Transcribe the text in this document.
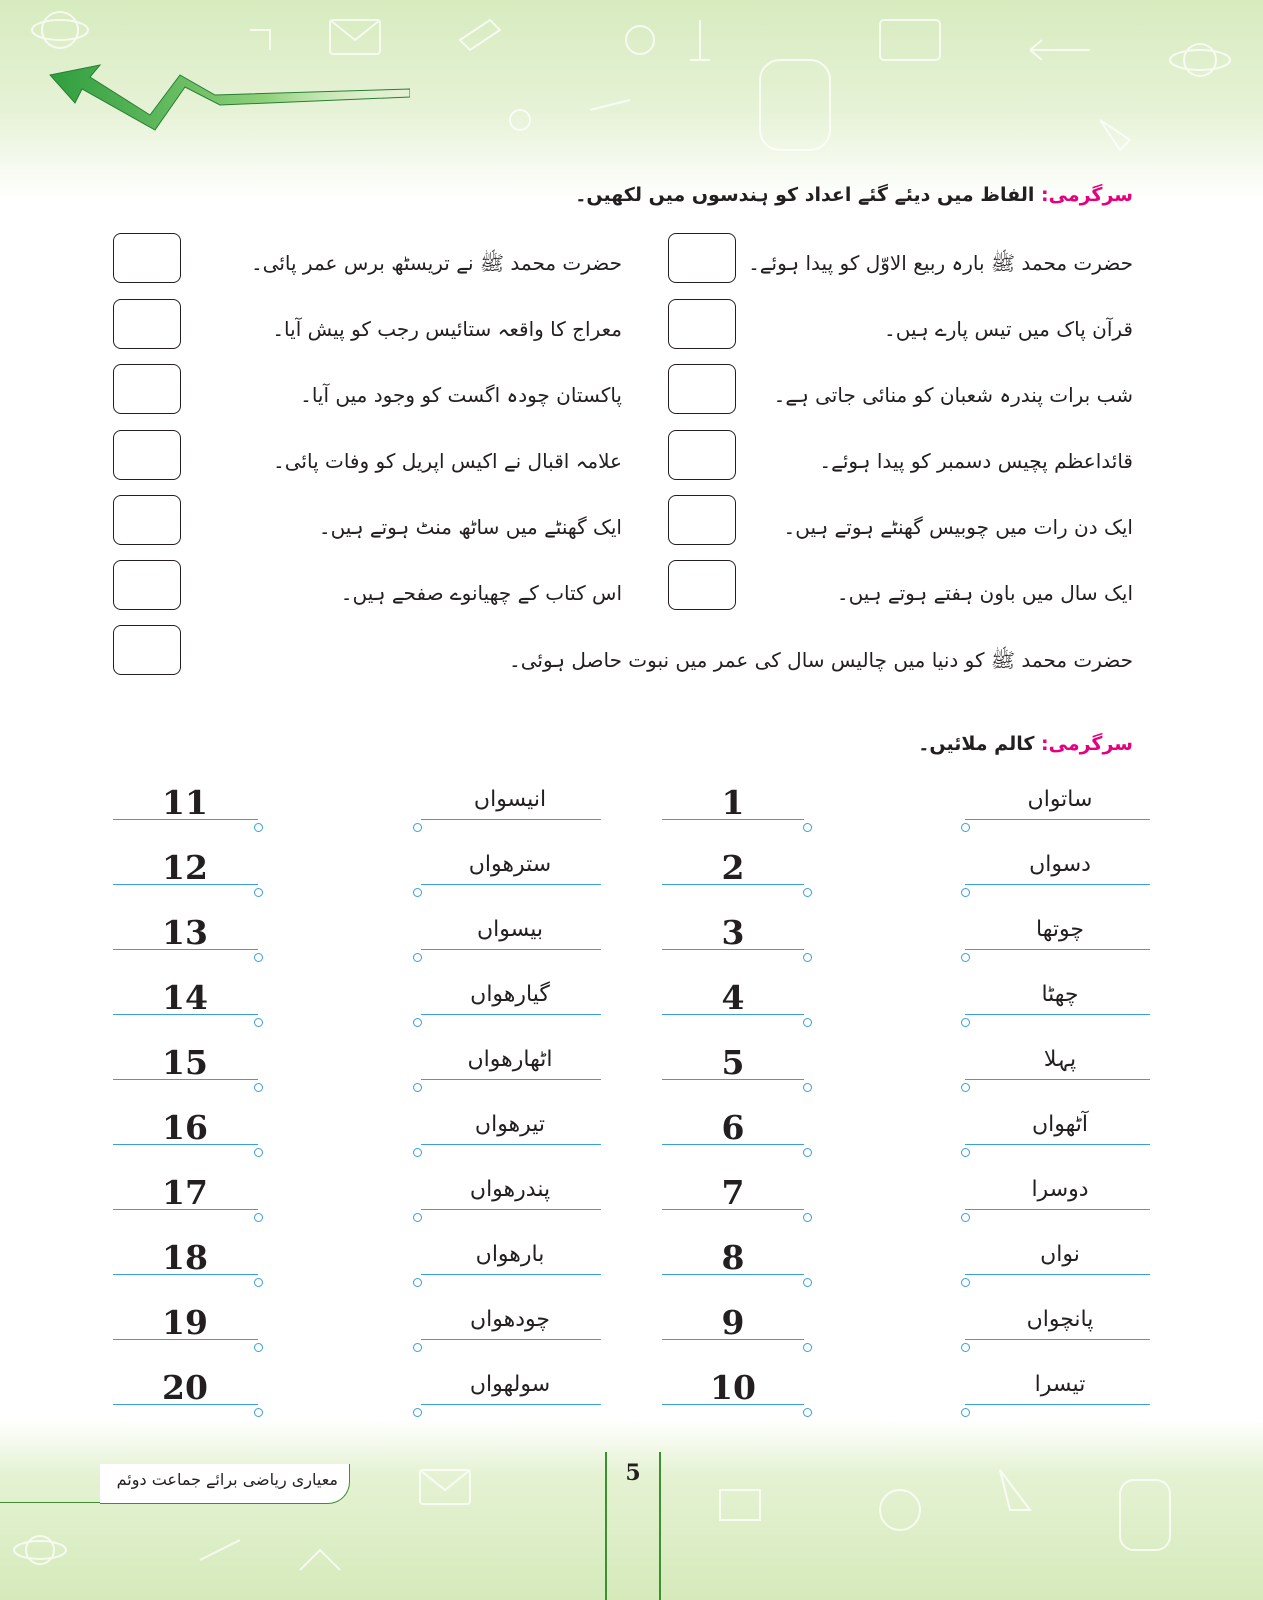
سرگرمی: الفاظ میں دیئے گئے اعداد کو ہندسوں میں لکھیں۔
حضرت محمد ﷺ بارہ ربیع الاوّل کو پیدا ہوئے۔
قرآن پاک میں تیس پارے ہیں۔
شب برات پندرہ شعبان کو منائی جاتی ہے۔
قائداعظم پچیس دسمبر کو پیدا ہوئے۔
ایک دن رات میں چوبیس گھنٹے ہوتے ہیں۔
ایک سال میں باون ہفتے ہوتے ہیں۔
حضرت محمد ﷺ نے تریسٹھ برس عمر پائی۔
معراج کا واقعہ ستائیس رجب کو پیش آیا۔
پاکستان چودہ اگست کو وجود میں آیا۔
علامہ اقبال نے اکیس اپریل کو وفات پائی۔
ایک گھنٹے میں ساٹھ منٹ ہوتے ہیں۔
اس کتاب کے چھیانوے صفحے ہیں۔
حضرت محمد ﷺ کو دنیا میں چالیس سال کی عمر میں نبوت حاصل ہوئی۔
سرگرمی: کالم ملائیں۔
ساتواں
1
انیسواں
11
دسواں
2
سترھواں
12
چوتھا
3
بیسواں
13
چھٹا
4
گیارھواں
14
پہلا
5
اٹھارھواں
15
آٹھواں
6
تیرھواں
16
دوسرا
7
پندرھواں
17
نواں
8
بارھواں
18
پانچواں
9
چودھواں
19
تیسرا
10
سولھواں
20
معیاری ریاضی برائے جماعت دوئم	5
